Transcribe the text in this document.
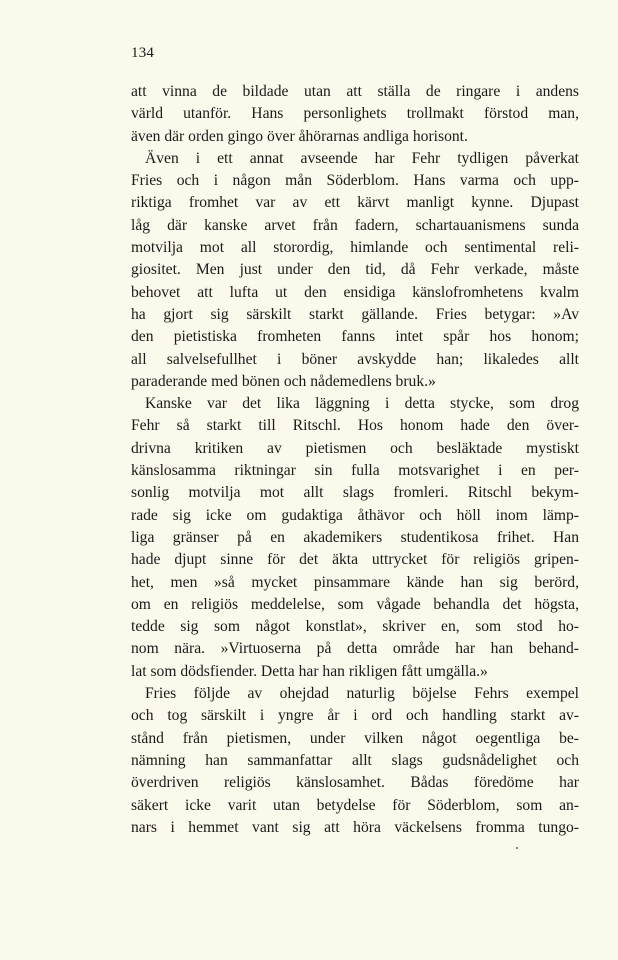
134
att vinna de bildade utan att ställa de ringare i andens
värld utanför. Hans personlighets trollmakt förstod man,
även där orden gingo över åhörarnas andliga horisont.
Även i ett annat avseende har Fehr tydligen påverkat
Fries och i någon mån Söderblom. Hans varma och upp-
riktiga fromhet var av ett kärvt manligt kynne. Djupast
låg där kanske arvet från fadern, schartauanismens sunda
motvilja mot all storordig, himlande och sentimental reli-
giositet. Men just under den tid, då Fehr verkade, måste
behovet att lufta ut den ensidiga känslofromhetens kvalm
ha gjort sig särskilt starkt gällande. Fries betygar: »Av
den pietistiska fromheten fanns intet spår hos honom;
all salvelsefullhet i böner avskydde han; likaledes allt
paraderande med bönen och nådemedlens bruk.»
Kanske var det lika läggning i detta stycke, som drog
Fehr så starkt till Ritschl. Hos honom hade den över-
drivna kritiken av pietismen och besläktade mystiskt
känslosamma riktningar sin fulla motsvarighet i en per-
sonlig motvilja mot allt slags fromleri. Ritschl bekym-
rade sig icke om gudaktiga åthävor och höll inom lämp-
liga gränser på en akademikers studentikosa frihet. Han
hade djupt sinne för det äkta uttrycket för religiös gripen-
het, men »så mycket pinsammare kände han sig berörd,
om en religiös meddelelse, som vågade behandla det högsta,
tedde sig som något konstlat», skriver en, som stod ho-
nom nära. »Virtuoserna på detta område har han behand-
lat som dödsfiender. Detta har han rikligen fått umgälla.»
Fries följde av ohejdad naturlig böjelse Fehrs exempel
och tog särskilt i yngre år i ord och handling starkt av-
stånd från pietismen, under vilken något oegentliga be-
nämning han sammanfattar allt slags gudsnådelighet och
överdriven religiös känslosamhet. Bådas föredöme har
säkert icke varit utan betydelse för Söderblom, som an-
nars i hemmet vant sig att höra väckelsens fromma tungo-
